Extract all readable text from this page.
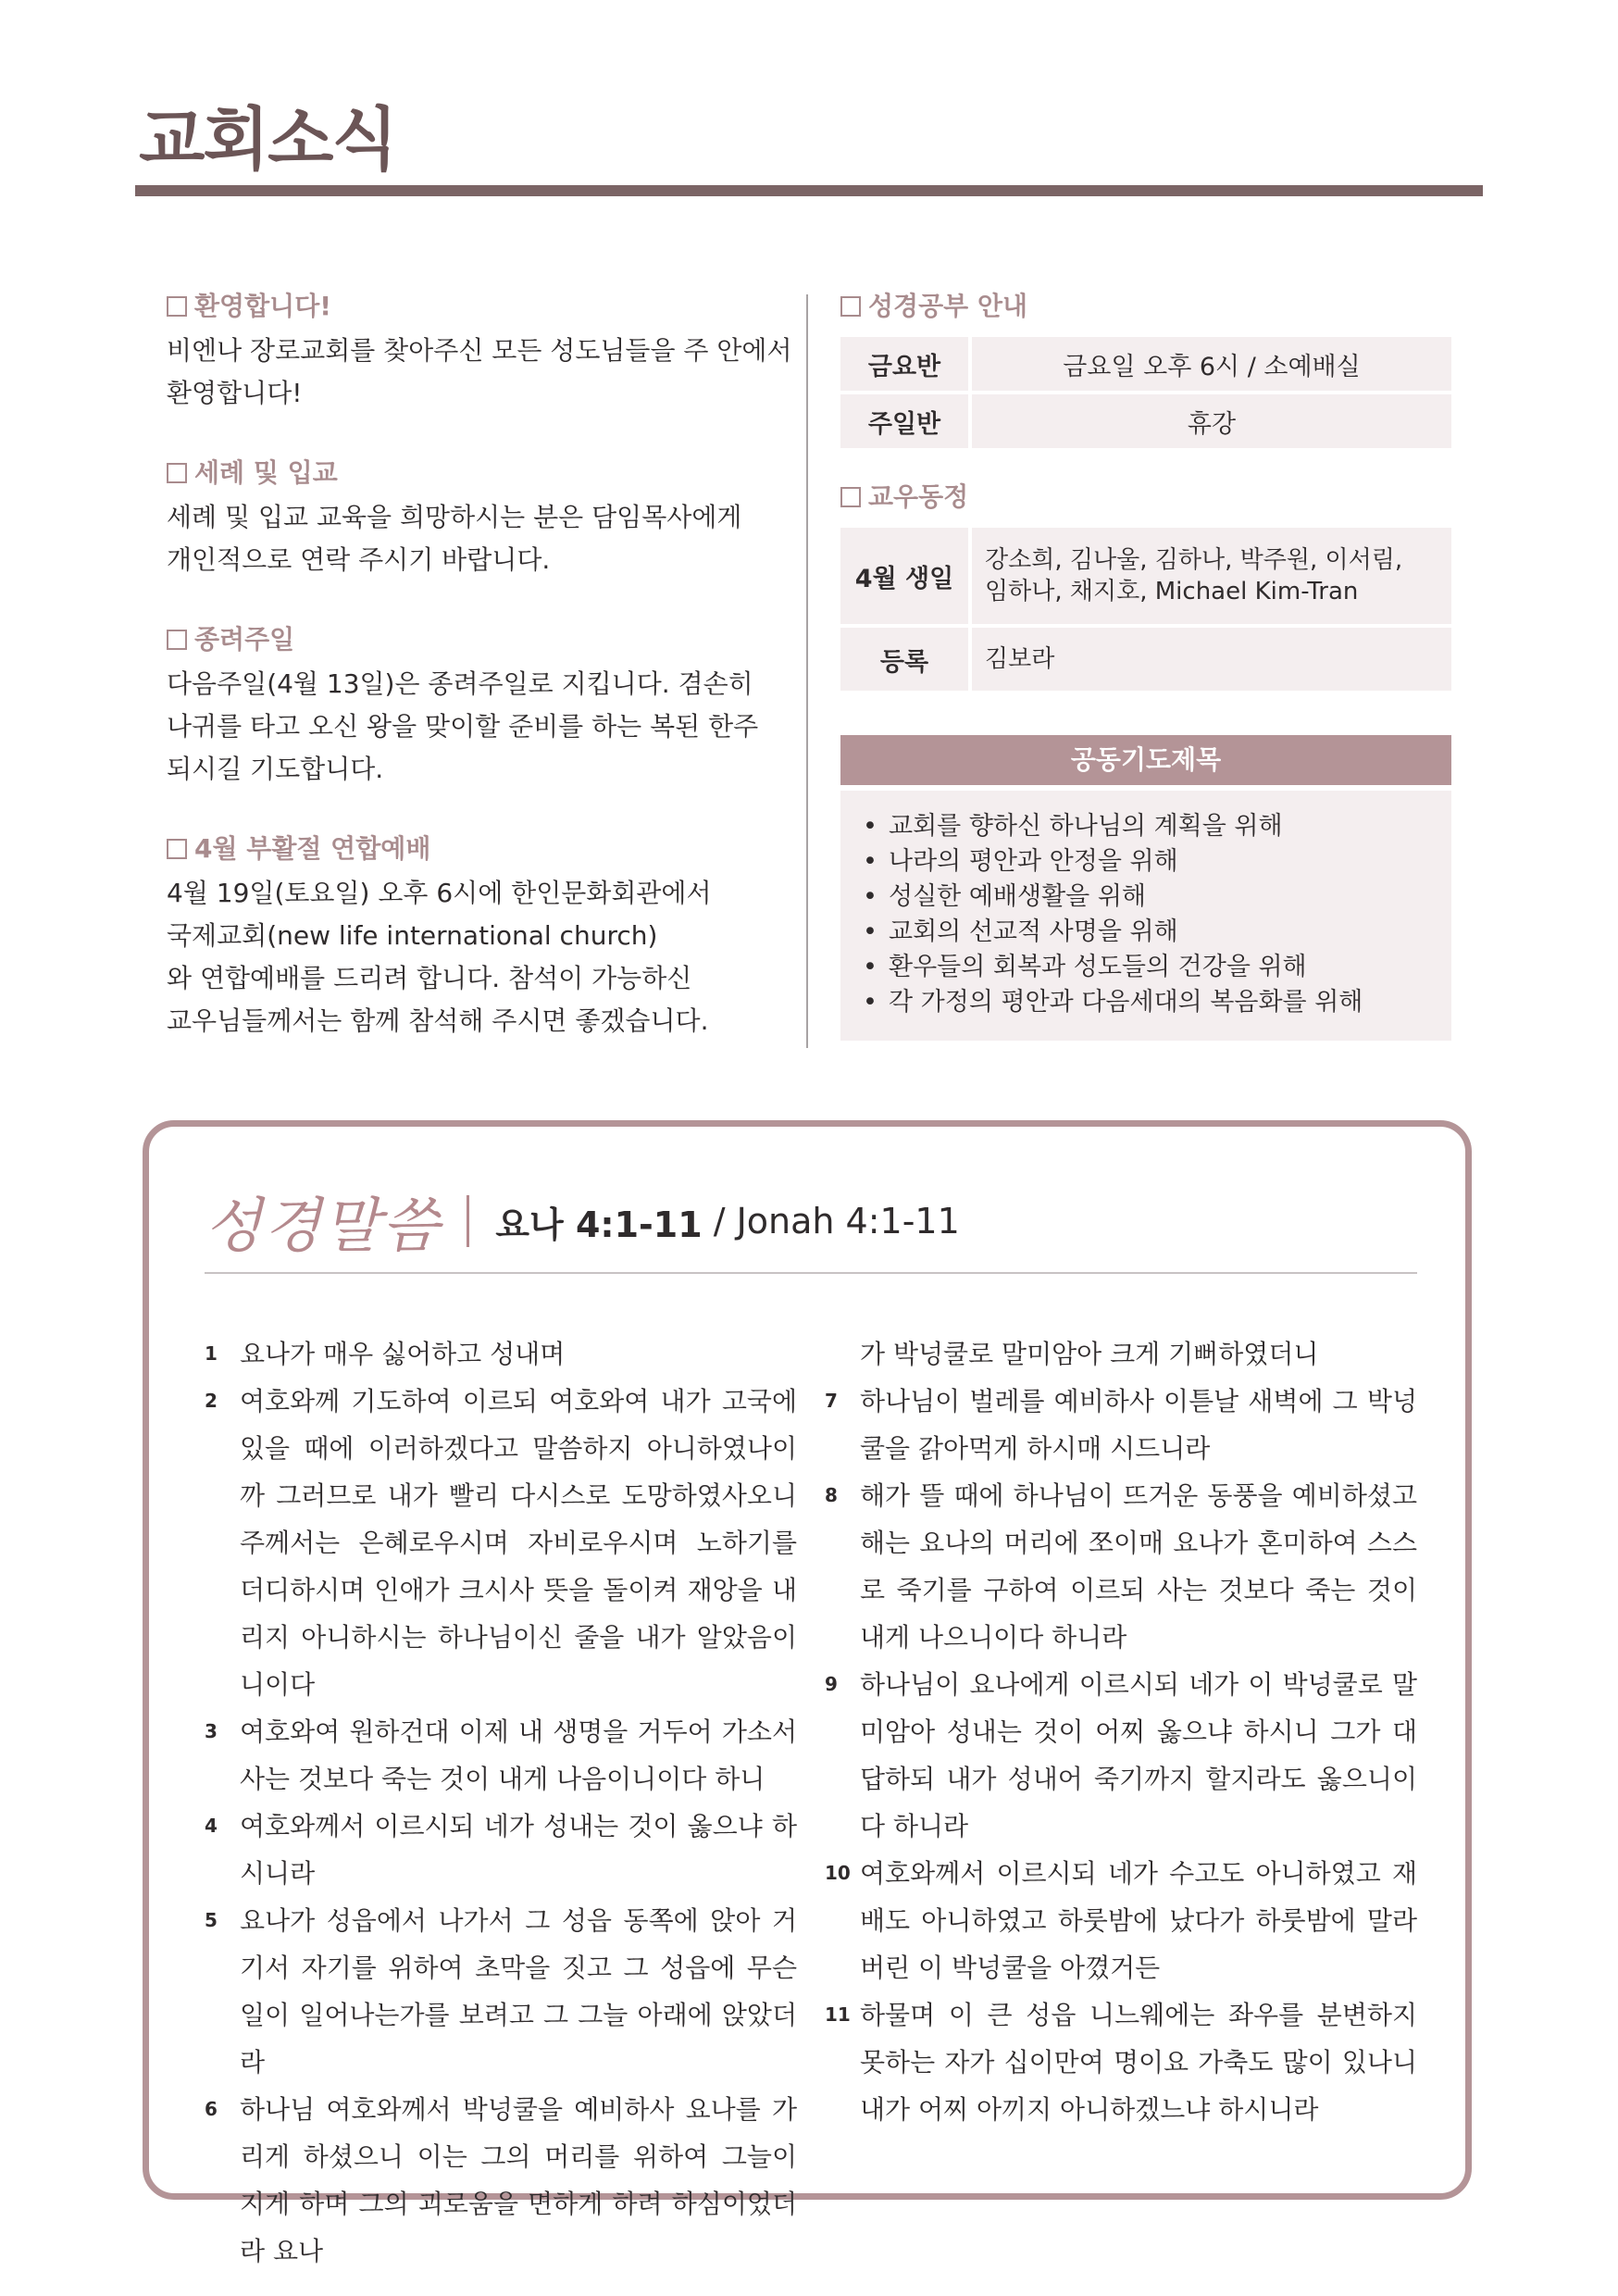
교회소식
환영합니다!
비엔나 장로교회를 찾아주신 모든 성도님들을 주 안에서
환영합니다!
세례 및 입교
세례 및 입교 교육을 희망하시는 분은 담임목사에게
개인적으로 연락 주시기 바랍니다.
종려주일
다음주일(4월 13일)은 종려주일로 지킵니다. 겸손히
나귀를 타고 오신 왕을 맞이할 준비를 하는 복된 한주
되시길 기도합니다.
4월 부활절 연합예배
4월 19일(토요일) 오후 6시에 한인문화회관에서
국제교회(new life international church)
와 연합예배를 드리려 합니다. 참석이 가능하신
교우님들께서는 함께 참석해 주시면 좋겠습니다.
성경공부 안내
금요반	금요일 오후 6시 / 소예배실
주일반	휴강
교우동정
4월 생일	강소희, 김나울, 김하나, 박주원, 이서림,
임하나, 채지호, Michael Kim-Tran

등록	김보라
공동기도제목
• 교회를 향하신 하나님의 계획을 위해
• 나라의 평안과 안정을 위해
• 성실한 예배생활을 위해
• 교회의 선교적 사명을 위해
• 환우들의 회복과 성도들의 건강을 위해
• 각 가정의 평안과 다음세대의 복음화를 위해
성경말씀 요나 4:1-11 / Jonah 4:1-11
1 요나가 매우 싫어하고 성내며
2 여호와께 기도하여 이르되 여호와여 내가 고국에 있을 때에 이러하겠다고 말씀하지 아니하였나이까 그러므로 내가 빨리 다시스로 도망하였사오니 주께서는 은혜로우시며 자비로우시며 노하기를 더디하시며 인애가 크시사 뜻을 돌이켜 재앙을 내리지 아니하시는 하나님이신 줄을 내가 알았음이니이다
3 여호와여 원하건대 이제 내 생명을 거두어 가소서 사는 것보다 죽는 것이 내게 나음이니이다 하니
4 여호와께서 이르시되 네가 성내는 것이 옳으냐 하시니라
5 요나가 성읍에서 나가서 그 성읍 동쪽에 앉아 거기서 자기를 위하여 초막을 짓고 그 성읍에 무슨 일이 일어나는가를 보려고 그 그늘 아래에 앉았더라
6 하나님 여호와께서 박넝쿨을 예비하사 요나를 가리게 하셨으니 이는 그의 머리를 위하여 그늘이 지게 하며 그의 괴로움을 면하게 하려 하심이었더라 요나
가 박넝쿨로 말미암아 크게 기뻐하였더니
7 하나님이 벌레를 예비하사 이튿날 새벽에 그 박넝쿨을 갉아먹게 하시매 시드니라
8 해가 뜰 때에 하나님이 뜨거운 동풍을 예비하셨고 해는 요나의 머리에 쪼이매 요나가 혼미하여 스스로 죽기를 구하여 이르되 사는 것보다 죽는 것이 내게 나으니이다 하니라
9 하나님이 요나에게 이르시되 네가 이 박넝쿨로 말미암아 성내는 것이 어찌 옳으냐 하시니 그가 대답하되 내가 성내어 죽기까지 할지라도 옳으니이다 하니라
10 여호와께서 이르시되 네가 수고도 아니하였고 재배도 아니하였고 하룻밤에 났다가 하룻밤에 말라 버린 이 박넝쿨을 아꼈거든
11 하물며 이 큰 성읍 니느웨에는 좌우를 분변하지 못하는 자가 십이만여 명이요 가축도 많이 있나니 내가 어찌 아끼지 아니하겠느냐 하시니라
